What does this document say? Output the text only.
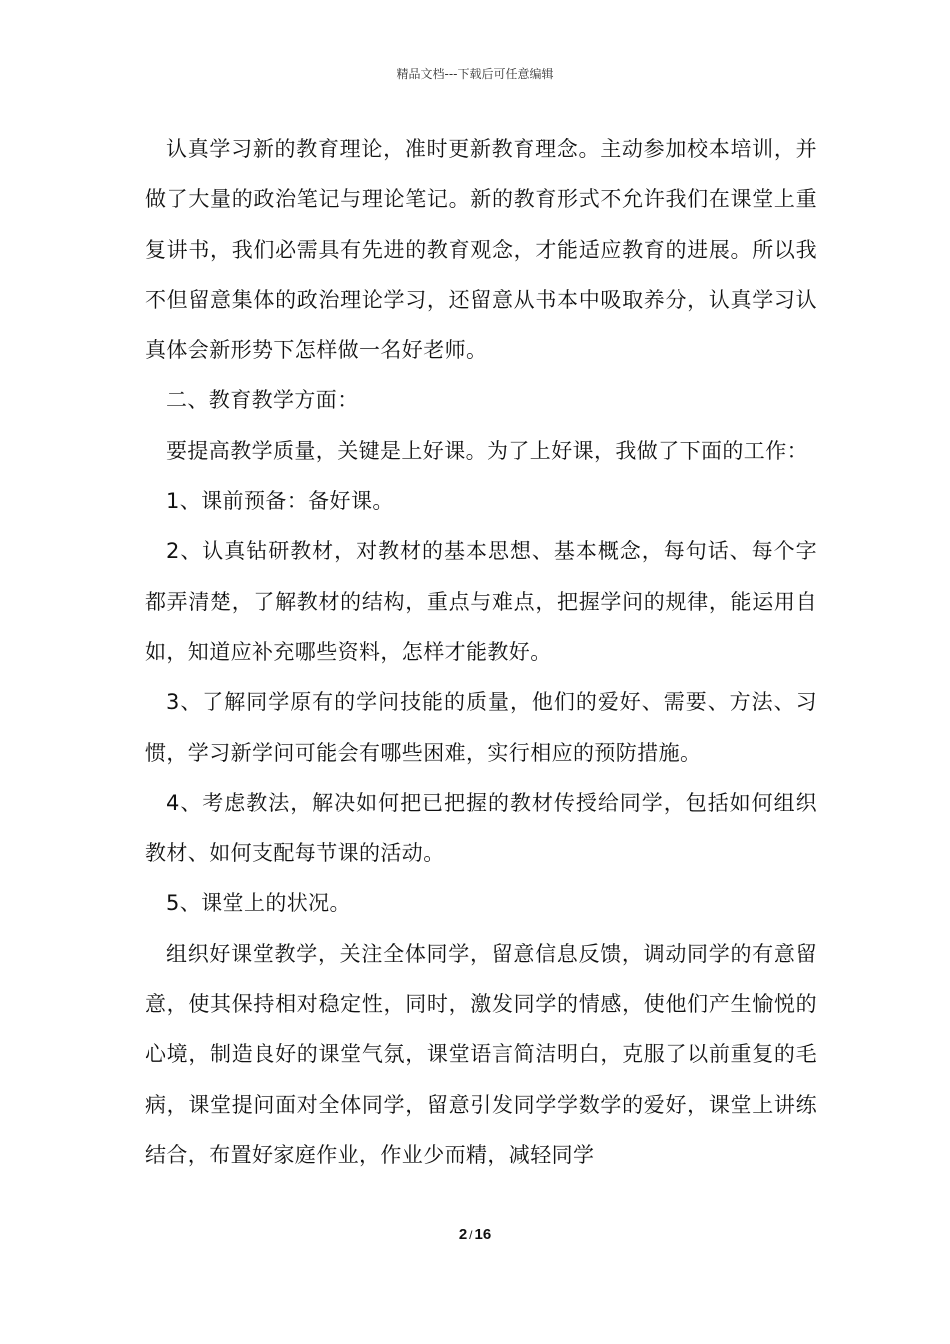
精品文档---下载后可任意编辑

认真学习新的教育理论，准时更新教育理念。主动参加校本培训，并做了大量的政治笔记与理论笔记。新的教育形式不允许我们在课堂上重复讲书，我们必需具有先进的教育观念，才能适应教育的进展。所以我不但留意集体的政治理论学习，还留意从书本中吸取养分，认真学习认真体会新形势下怎样做一名好老师。

二、教育教学方面：

要提高教学质量，关键是上好课。为了上好课，我做了下面的工作：

1、课前预备：备好课。

2、认真钻研教材，对教材的基本思想、基本概念，每句话、每个字都弄清楚，了解教材的结构，重点与难点，把握学问的规律，能运用自如，知道应补充哪些资料，怎样才能教好。

3、了解同学原有的学问技能的质量，他们的爱好、需要、方法、习惯，学习新学问可能会有哪些困难，实行相应的预防措施。

4、考虑教法，解决如何把已把握的教材传授给同学，包括如何组织教材、如何支配每节课的活动。

5、课堂上的状况。

组织好课堂教学，关注全体同学，留意信息反馈，调动同学的有意留意，使其保持相对稳定性，同时，激发同学的情感，使他们产生愉悦的心境，制造良好的课堂气氛，课堂语言简洁明白，克服了以前重复的毛病，课堂提问面对全体同学，留意引发同学学数学的爱好，课堂上讲练结合，布置好家庭作业，作业少而精，减轻同学

2 / 16
